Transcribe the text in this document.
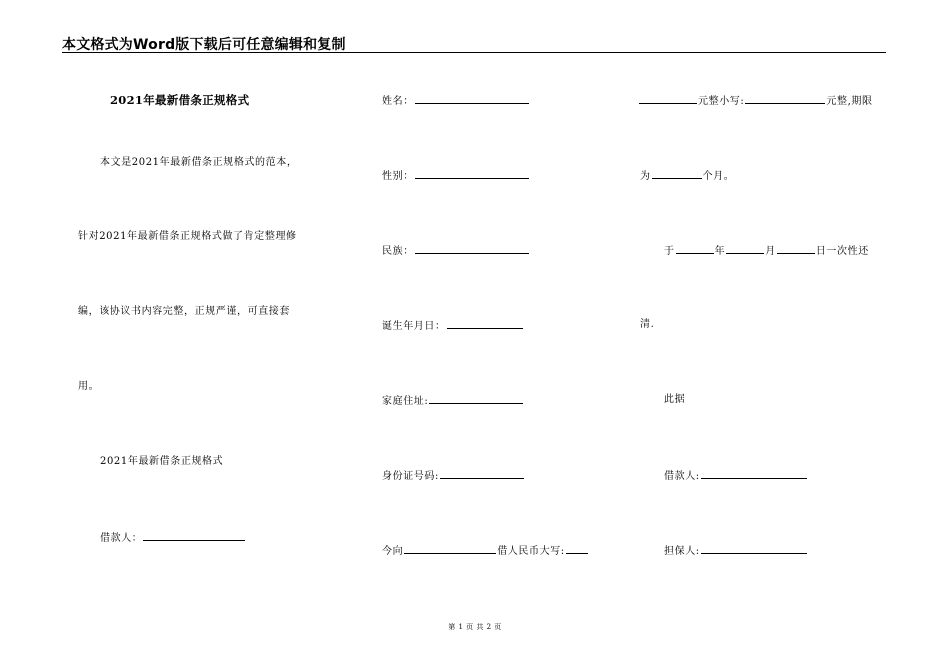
本文格式为Word版下载后可任意编辑和复制
2021年最新借条正规格式
本文是2021年最新借条正规格式的范本，
针对2021年最新借条正规格式做了肯定整理修
编，该协议书内容完整，正规严谨，可直接套
用。
2021年最新借条正规格式
借款人：
姓名：
性别：
民族：
诞生年月日：
家庭住址:
身份证号码:
今向	借人民币大写:
元整小写:	元整,期限
为	个月。
于	年	月	日一次性还
清.
此据
借款人:
担保人:
第 1 页 共 2 页
